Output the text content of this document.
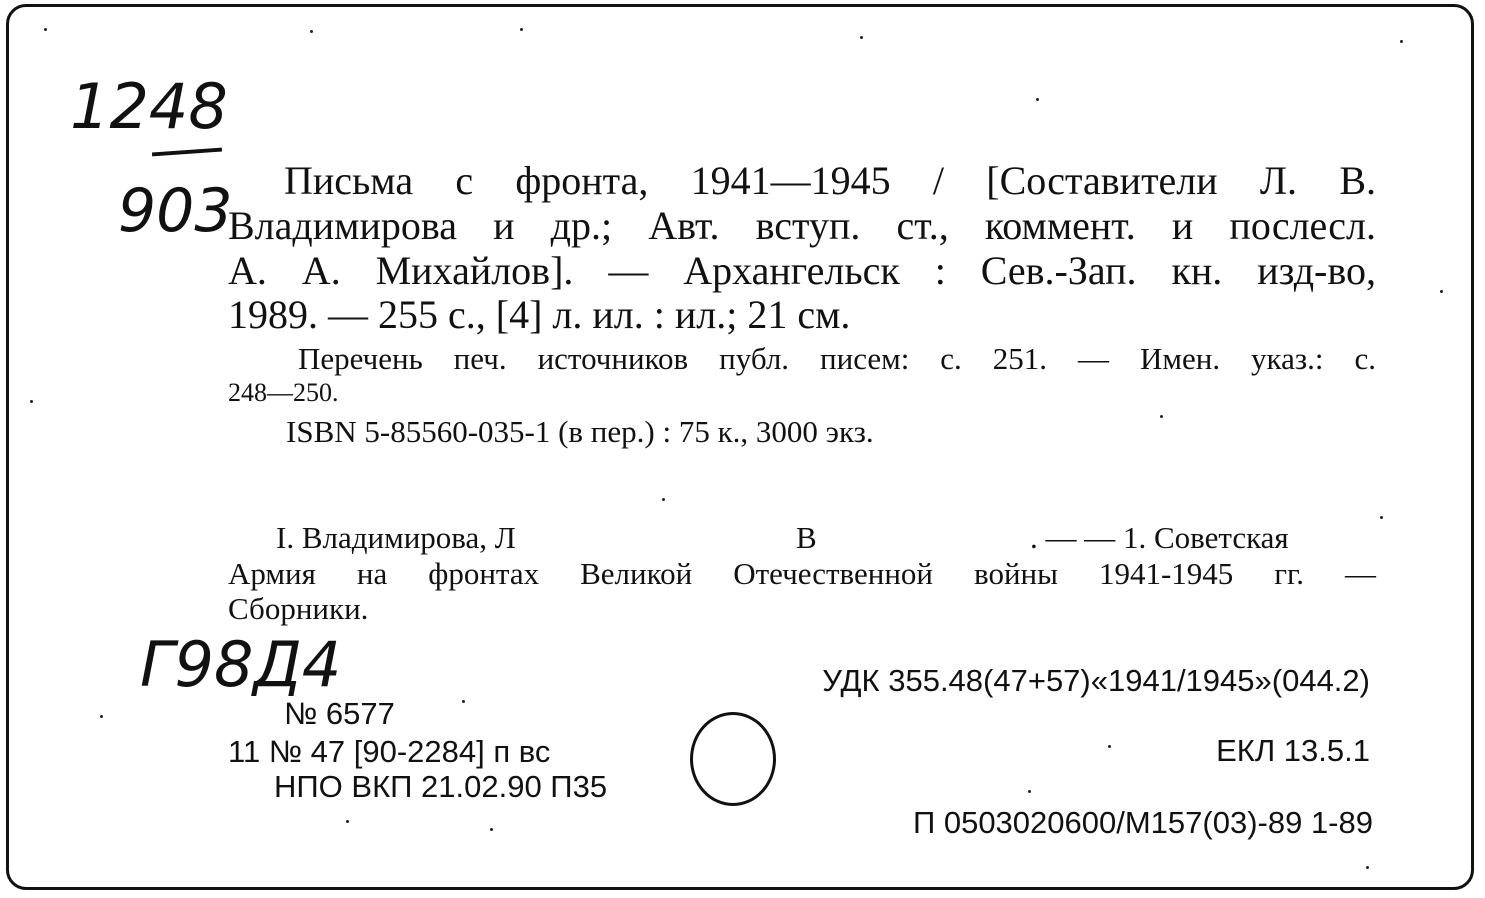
1248
903 Письма с фронта, 1941—1945 / [Составители Л. В.
Владимирова и др.; Авт. вступ. ст., коммент. и послесл.
А. А. Михайлов]. — Архангельск : Сев.-Зап. кн. изд-во,
1989. — 255 с., [4] л. ил. : ил.; 21 см.
Перечень печ. источников публ. писем: с. 251. — Имен. указ.: с.
248—250.
ISBN 5-85560-035-1 (в пер.) : 75 к., 3000 экз.
I. Владимирова, Л	В	. — — 1. Советская
Армия на фронтах Великой Отечественной войны 1941-1945 гг. —
Сборники.
Г98Д4
№ 6577
11 № 47 [90-2284] п вс
НПО ВКП 21.02.90 П35
УДК 355.48(47+57)«1941/1945»(044.2)
ЕКЛ 13.5.1
П 0503020600/М157(03)-89 1-89
